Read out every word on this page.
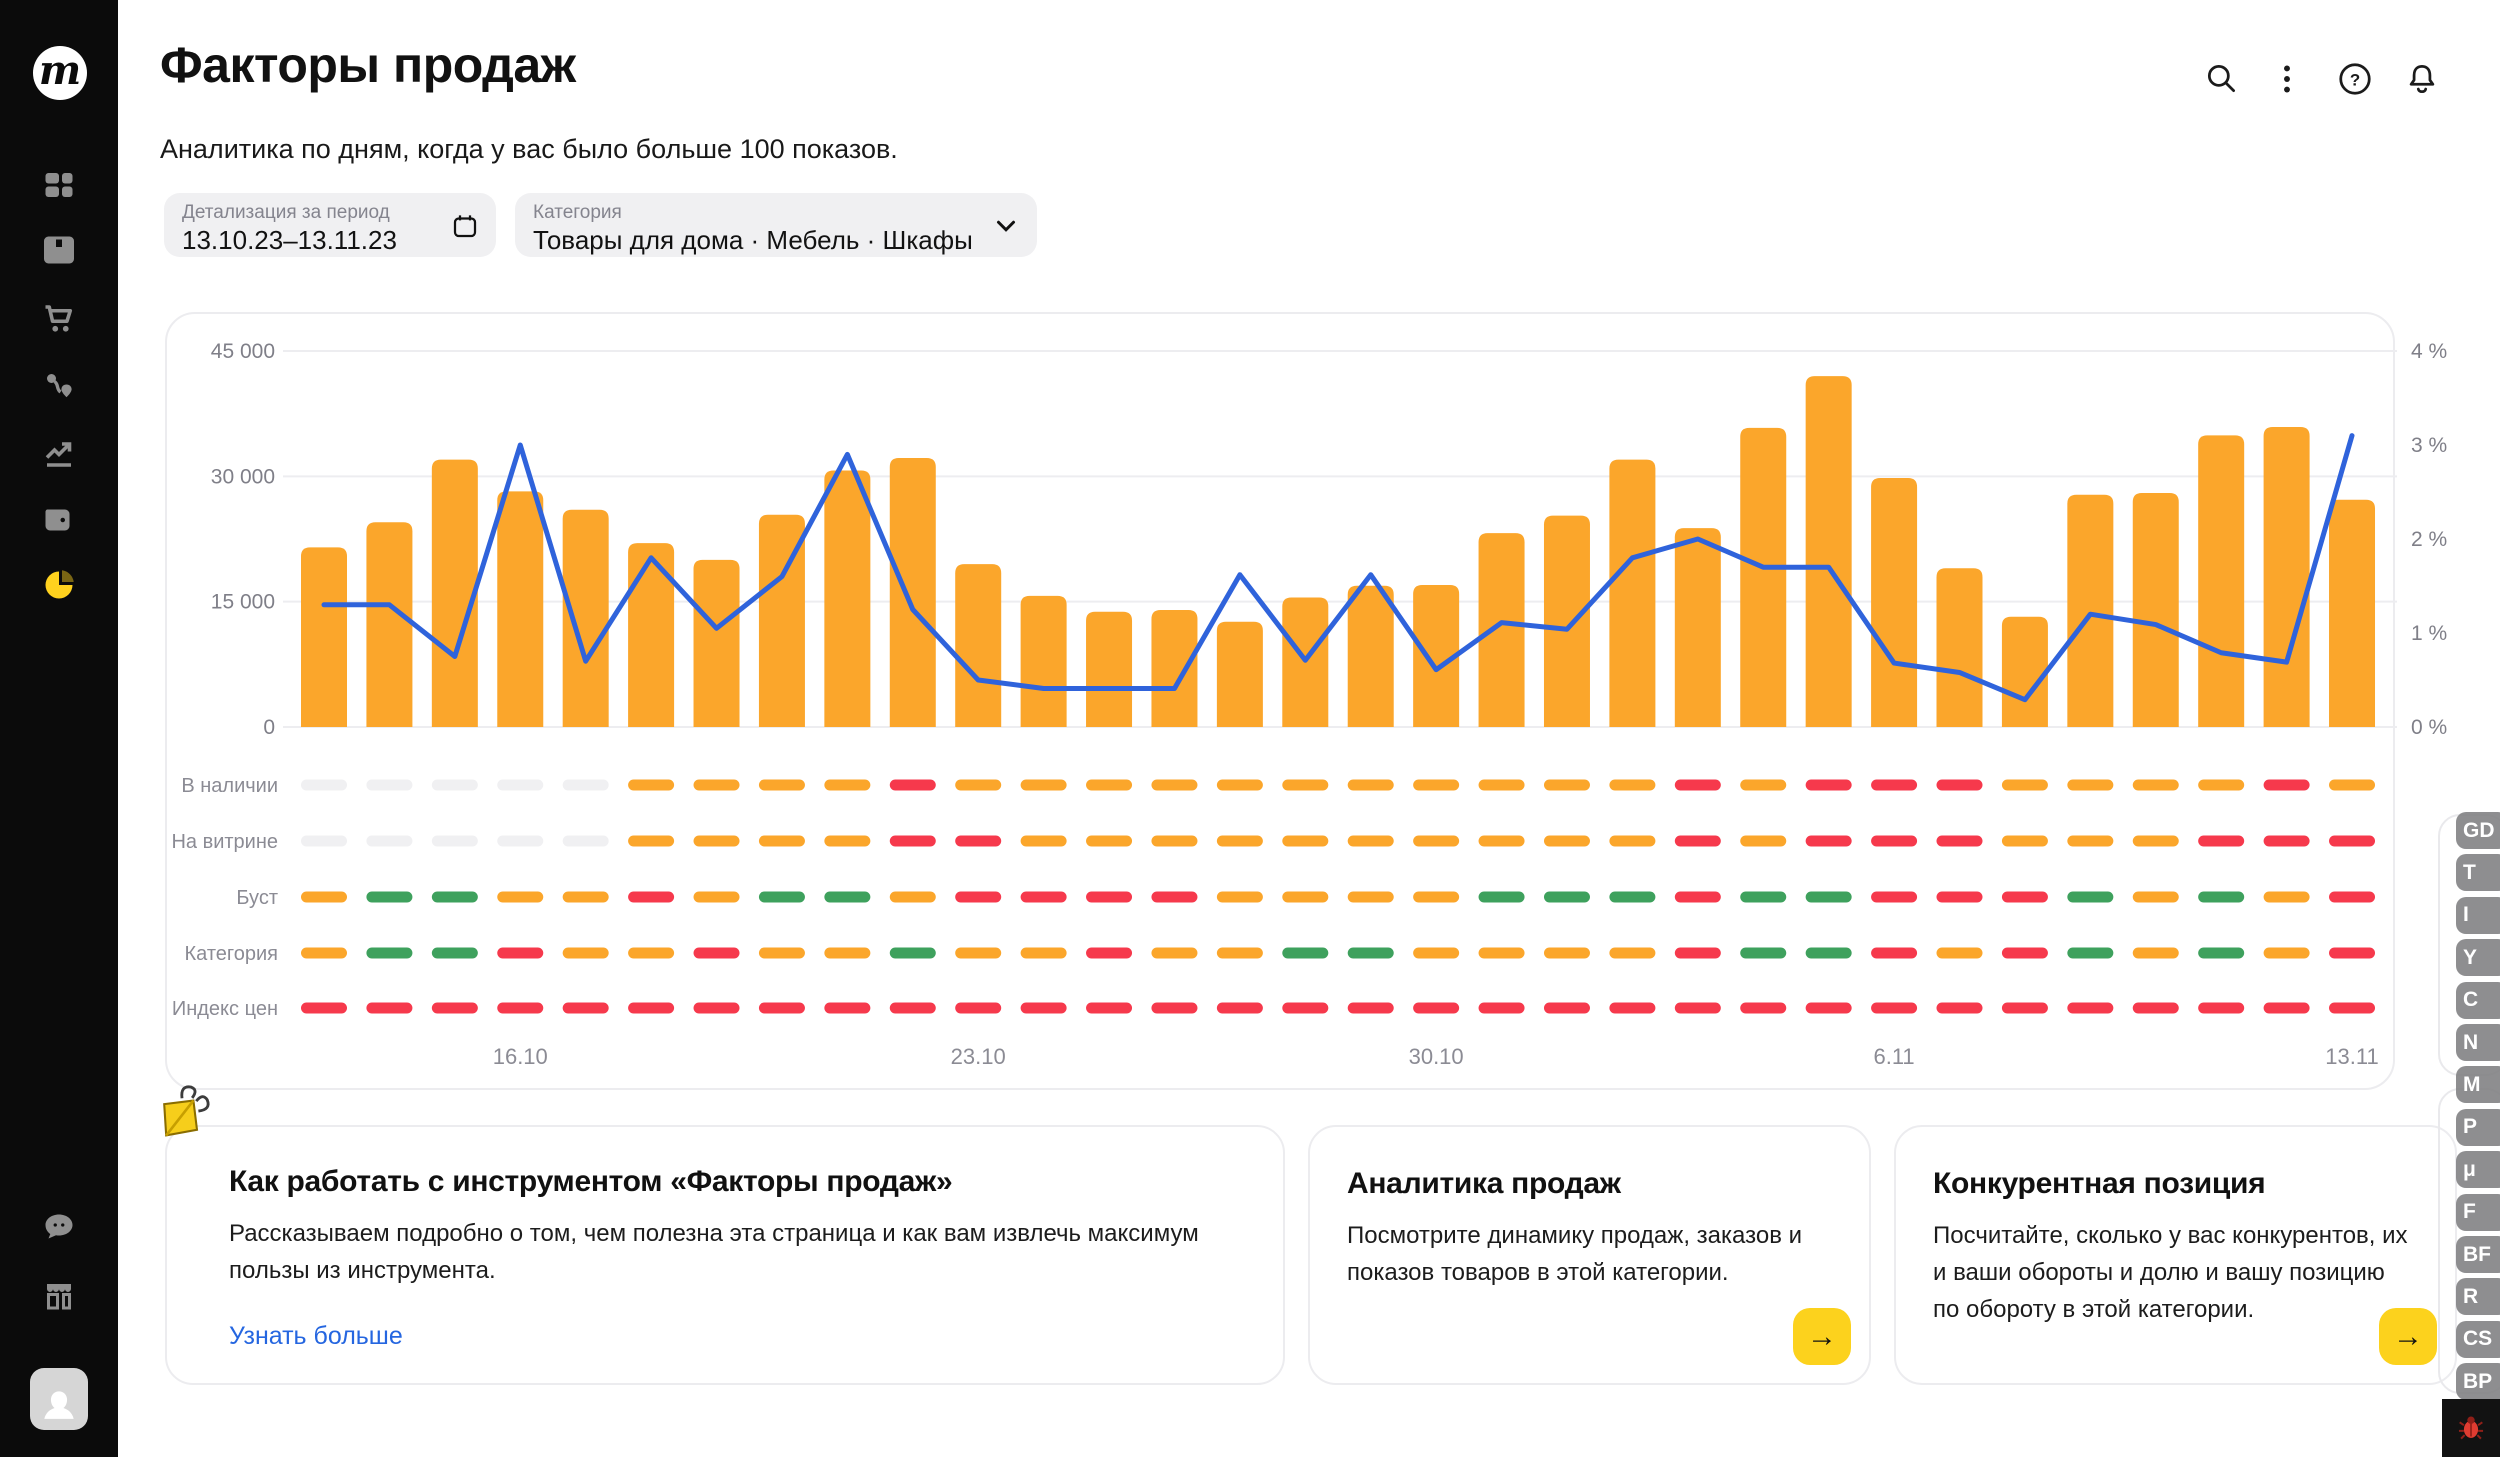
m Факторы продаж
Аналитика по дням, когда у вас было больше 100 показов.
Детализация за период
13.10.23–13.11.23
Категория
Товары для дома · Мебель · Шкафы
?
0
15 000
30 000
45 000
0 %
1 %
2 %
3 %
4 %
В наличии
На витрине
Буст
Категория
Индекс цен
16.10	23.10	30.10	6.11	13.11
Как работать с инструментом «Факторы продаж»
Рассказываем подробно о том, чем полезна эта страница и как вам извлечь максимум пользы из инструмента.
Узнать больше
Аналитика продаж
Посмотрите динамику продаж, заказов и показов товаров в этой категории.
→
Конкурентная позиция
Посчитайте, сколько у вас конкурентов, их и ваши обороты и долю и вашу позицию по обороту в этой категории.
→
GD
T
I
Y
C
N
M
P
μ
F
BF
R
CS
BP
